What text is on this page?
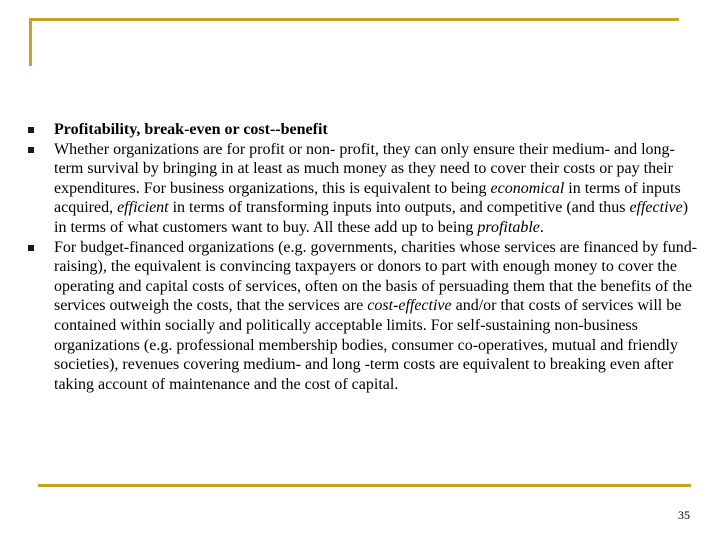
Profitability, break-even or cost--benefit
Whether organizations are for profit or non- profit, they can only ensure their medium- and long-term survival by bringing in at least as much money as they need to cover their costs or pay their expenditures. For business organizations, this is equivalent to being economical in terms of inputs acquired, efficient in terms of transforming inputs into outputs, and competitive (and thus effective) in terms of what customers want to buy. All these add up to being profitable.
For budget-financed organizations (e.g. governments, charities whose services are financed by fund-raising), the equivalent is convincing taxpayers or donors to part with enough money to cover the operating and capital costs of services, often on the basis of persuading them that the benefits of the services outweigh the costs, that the services are cost-effective and/or that costs of services will be contained within socially and politically acceptable limits. For self-sustaining non-business organizations (e.g. professional membership bodies, consumer co-operatives, mutual and friendly societies), revenues covering medium- and long -term costs are equivalent to breaking even after taking account of maintenance and the cost of capital.
35
